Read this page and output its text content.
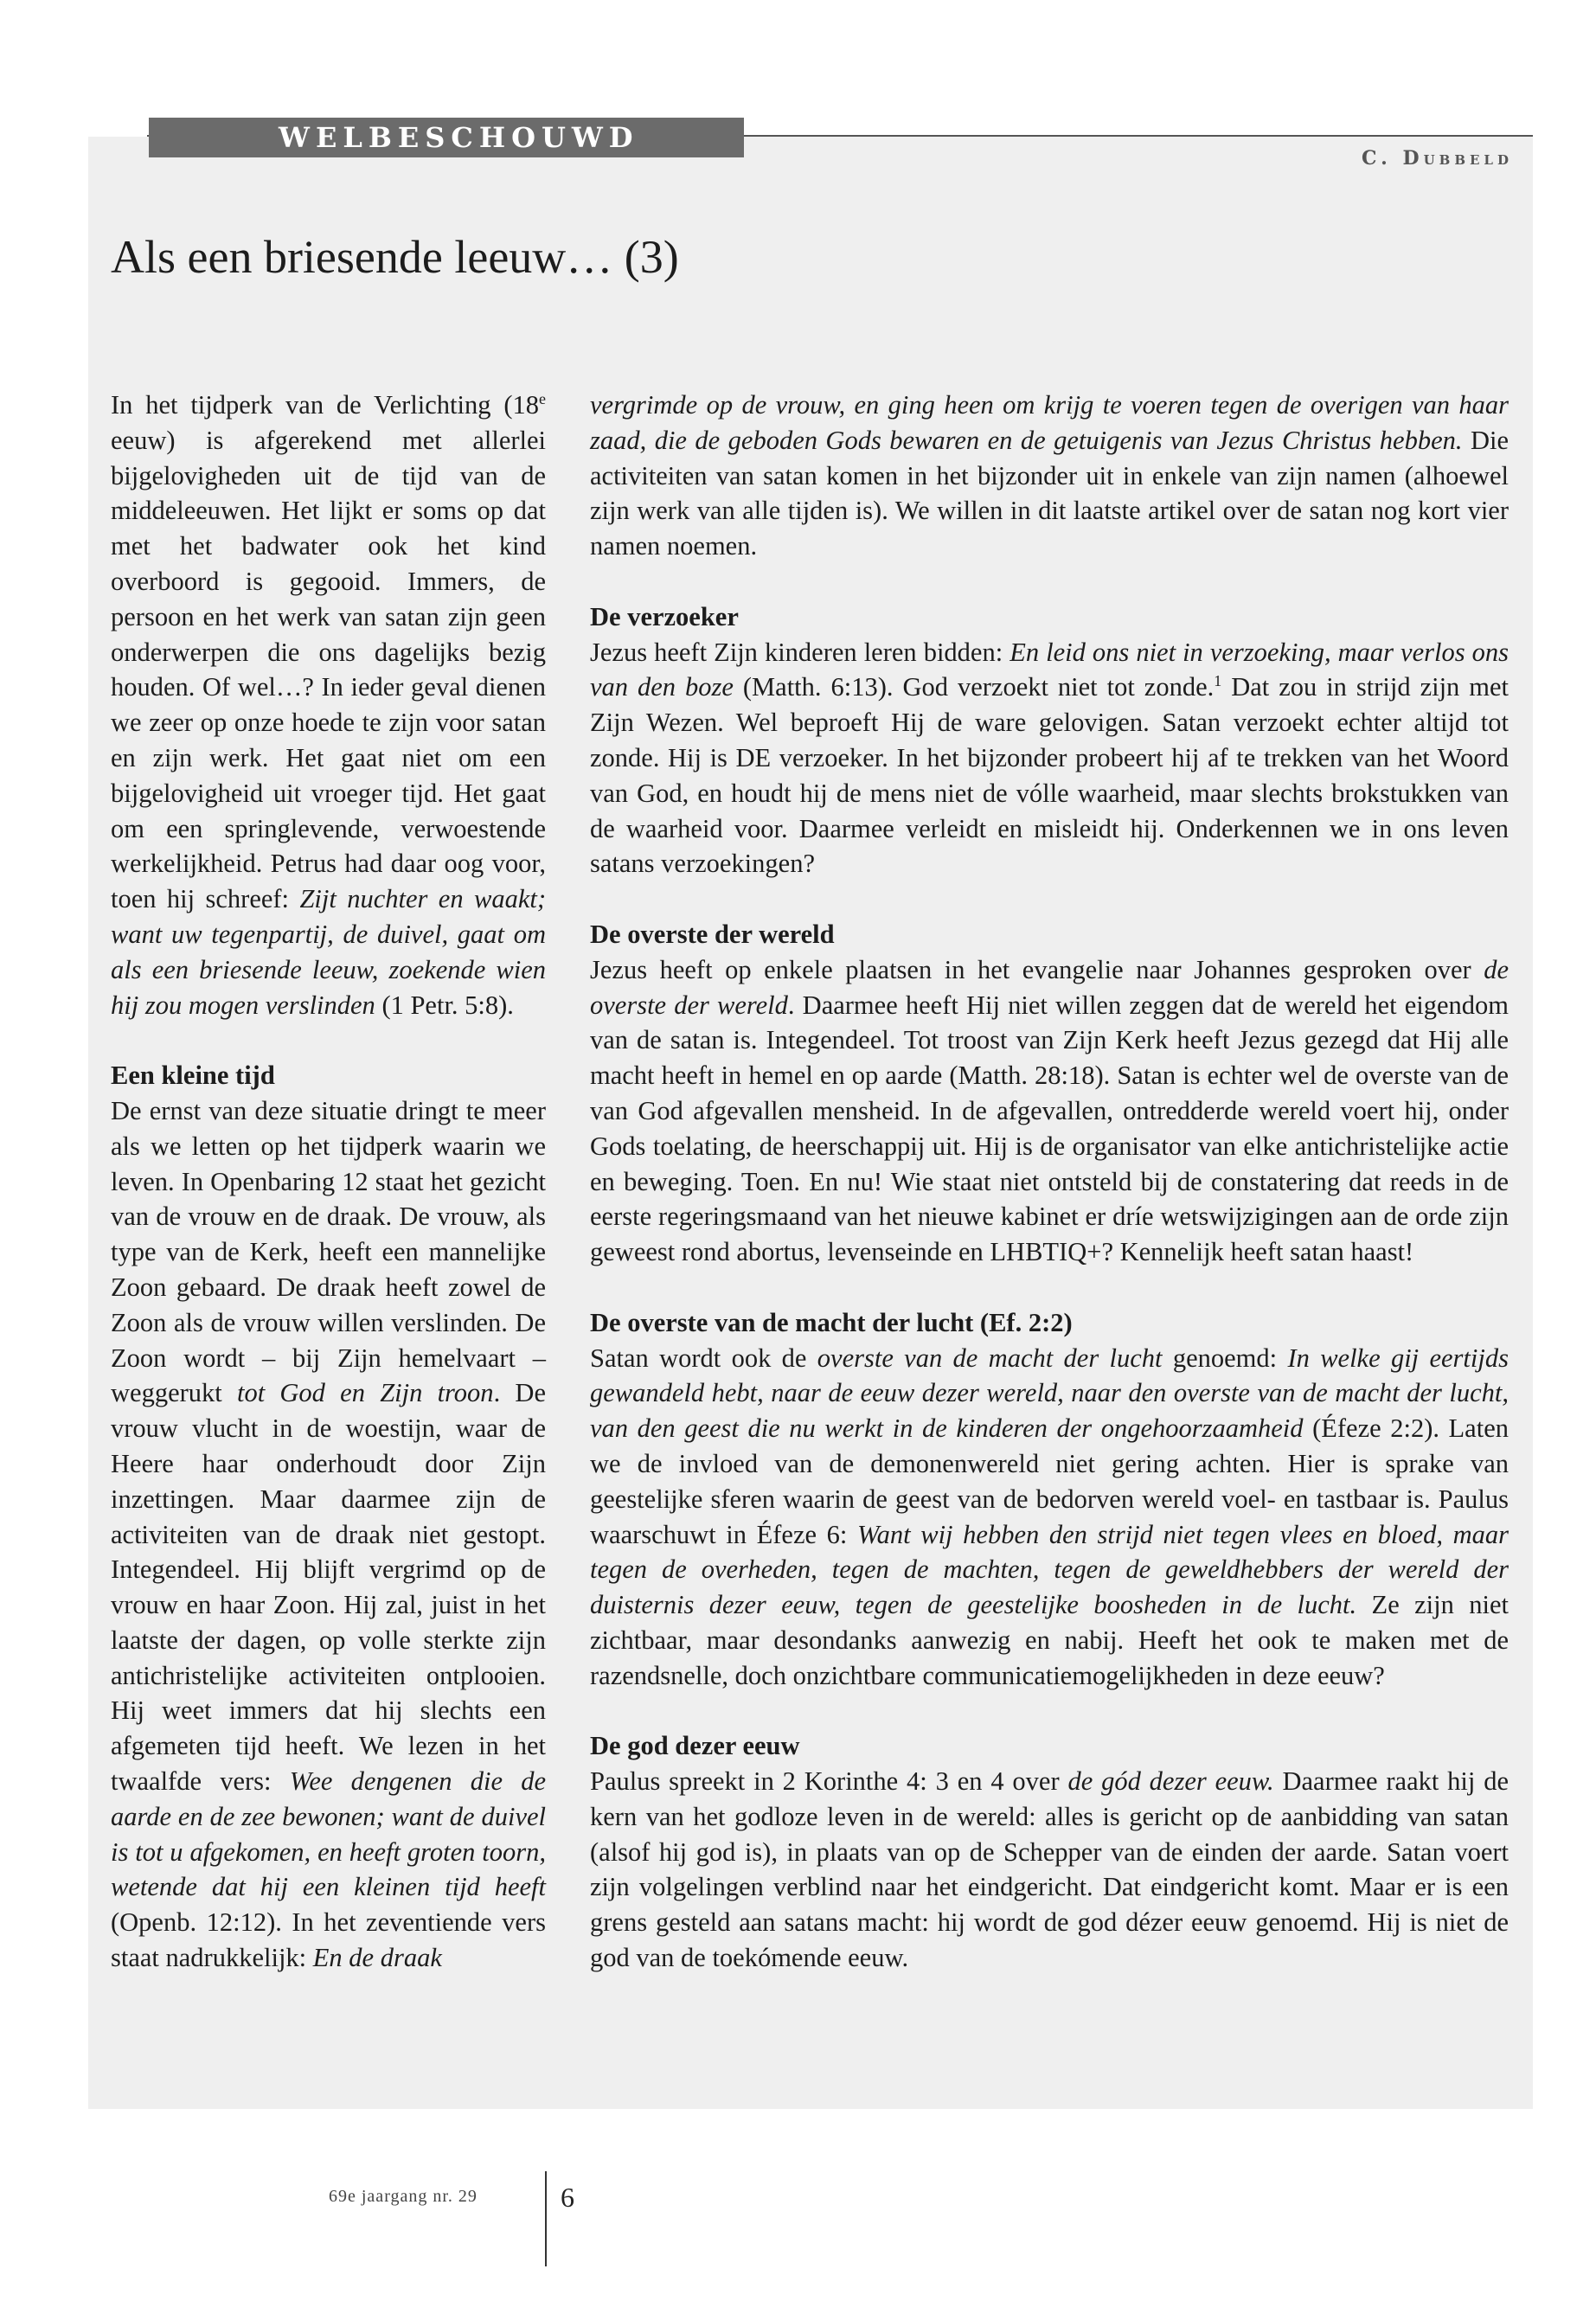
WELBESCHOUWD
C. Dubbeld
Als een briesende leeuw… (3)

In het tijdperk van de Verlichting (18e eeuw) is afgerekend met allerlei bijgelovigheden uit de tijd van de middeleeuwen. Het lijkt er soms op dat met het badwater ook het kind overboord is gegooid. Immers, de persoon en het werk van satan zijn geen onderwerpen die ons dagelijks bezig houden. Of wel…? In ieder geval dienen we zeer op onze hoede te zijn voor satan en zijn werk. Het gaat niet om een bijgelovigheid uit vroeger tijd. Het gaat om een springlevende, verwoestende werkelijkheid. Petrus had daar oog voor, toen hij schreef: Zijt nuchter en waakt; want uw tegenpartij, de duivel, gaat om als een briesende leeuw, zoekende wien hij zou mogen verslinden (1 Petr. 5:8).

Een kleine tijd

De ernst van deze situatie dringt te meer als we letten op het tijdperk waarin we leven. In Openbaring 12 staat het gezicht van de vrouw en de draak. De vrouw, als type van de Kerk, heeft een mannelijke Zoon gebaard. De draak heeft zowel de Zoon als de vrouw willen verslinden. De Zoon wordt – bij Zijn hemelvaart – weggerukt tot God en Zijn troon. De vrouw vlucht in de woestijn, waar de Heere haar onderhoudt door Zijn inzettingen. Maar daarmee zijn de activiteiten van de draak niet gestopt. Integendeel. Hij blijft vergrimd op de vrouw en haar Zoon. Hij zal, juist in het laatste der dagen, op volle sterkte zijn antichristelijke activiteiten ontplooien. Hij weet immers dat hij slechts een afgemeten tijd heeft. We lezen in het twaalfde vers: Wee dengenen die de aarde en de zee bewonen; want de duivel is tot u afgekomen, en heeft groten toorn, wetende dat hij een kleinen tijd heeft (Openb. 12:12). In het zeventiende vers staat nadrukkelijk: En de draak

vergrimde op de vrouw, en ging heen om krijg te voeren tegen de overigen van haar zaad, die de geboden Gods bewaren en de getuigenis van Jezus Christus hebben. Die activiteiten van satan komen in het bijzonder uit in enkele van zijn namen (alhoewel zijn werk van alle tijden is). We willen in dit laatste artikel over de satan nog kort vier namen noemen.

De verzoeker

Jezus heeft Zijn kinderen leren bidden: En leid ons niet in verzoeking, maar verlos ons van den boze (Matth. 6:13). God verzoekt niet tot zonde.$^1$ Dat zou in strijd zijn met Zijn Wezen. Wel beproeft Hij de ware gelovigen. Satan verzoekt echter altijd tot zonde. Hij is DE verzoeker. In het bijzonder probeert hij af te trekken van het Woord van God, en houdt hij de mens niet de vólle waarheid, maar slechts brokstukken van de waarheid voor. Daarmee verleidt en misleidt hij. Onderkennen we in ons leven satans verzoekingen?

De overste der wereld

Jezus heeft op enkele plaatsen in het evangelie naar Johannes gesproken over de overste der wereld. Daarmee heeft Hij niet willen zeggen dat de wereld het eigendom van de satan is. Integendeel. Tot troost van Zijn Kerk heeft Jezus gezegd dat Hij alle macht heeft in hemel en op aarde (Matth. 28:18). Satan is echter wel de overste van de van God afgevallen mensheid. In de afgevallen, ontredderde wereld voert hij, onder Gods toelating, de heerschappij uit. Hij is de organisator van elke antichristelijke actie en beweging. Toen. En nu! Wie staat niet ontsteld bij de constatering dat reeds in de eerste regeringsmaand van het nieuwe kabinet er dríe wetswijzigingen aan de orde zijn geweest rond abortus, levenseinde en LHBTIQ+? Kennelijk heeft satan haast!

De overste van de macht der lucht (Ef. 2:2)

Satan wordt ook de overste van de macht der lucht genoemd: In welke gij eertijds gewandeld hebt, naar de eeuw dezer wereld, naar den overste van de macht der lucht, van den geest die nu werkt in de kinderen der ongehoorzaamheid (Éfeze 2:2). Laten we de invloed van de demonenwereld niet gering achten. Hier is sprake van geestelijke sferen waarin de geest van de bedorven wereld voel- en tastbaar is. Paulus waarschuwt in Éfeze 6: Want wij hebben den strijd niet tegen vlees en bloed, maar tegen de overheden, tegen de machten, tegen de geweldhebbers der wereld der duisternis dezer eeuw, tegen de geestelijke boosheden in de lucht. Ze zijn niet zichtbaar, maar desondanks aanwezig en nabij. Heeft het ook te maken met de razendsnelle, doch onzichtbare communicatiemogelijkheden in deze eeuw?

De god dezer eeuw

Paulus spreekt in 2 Korinthe 4: 3 en 4 over de gód dezer eeuw. Daarmee raakt hij de kern van het godloze leven in de wereld: alles is gericht op de aanbidding van satan (alsof hij god is), in plaats van op de Schepper van de einden der aarde. Satan voert zijn volgelingen verblind naar het eindgericht. Dat eindgericht komt. Maar er is een grens gesteld aan satans macht: hij wordt de god dézer eeuw genoemd. Hij is niet de god van de toekómende eeuw.

69e jaargang nr. 29	6
